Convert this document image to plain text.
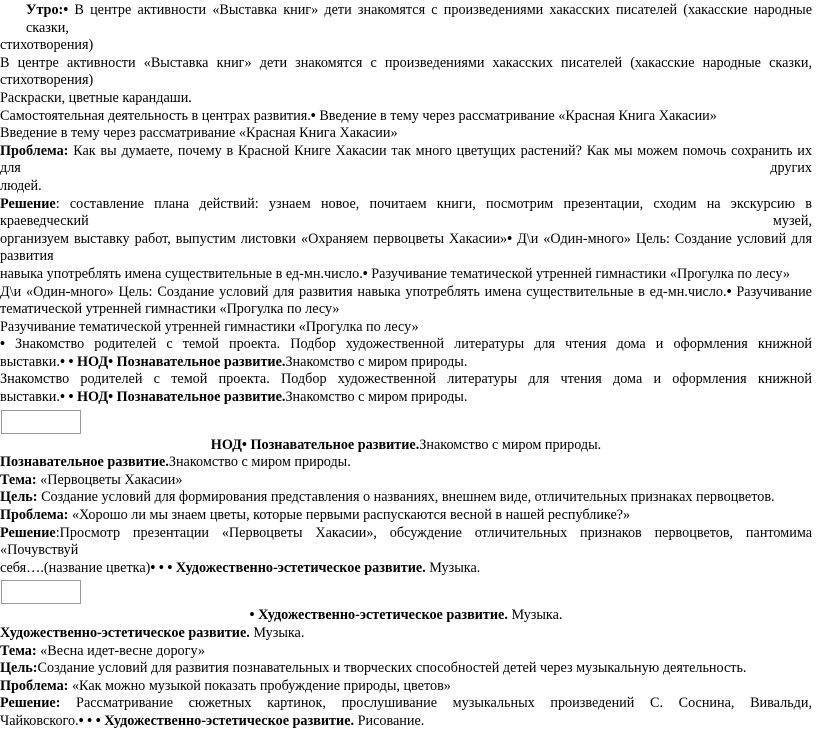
Утро:• В центре активности «Выставка книг» дети знакомятся с произведениями хакасских писателей (хакасские народные сказки,

стихотворения)

В центре активности «Выставка книг» дети знакомятся с произведениями хакасских писателей (хакасские народные сказки, стихотворения)

Раскраски, цветные карандаши.

Самостоятельная деятельность в центрах развития.• Введение в тему через рассматривание «Красная Книга Хакасии»

Введение в тему через рассматривание «Красная Книга Хакасии»

Проблема: Как вы думаете, почему в Красной Книге Хакасии так много цветущих растений? Как мы можем помочь сохранить их для других

людей.

Решение: составление плана действий: узнаем новое, почитаем книги, посмотрим презентации, сходим на экскурсию в краеведческий музей,

организуем выставку работ, выпустим листовки «Охраняем первоцветы Хакасии»• Д\и «Один-много» Цель: Создание условий для развития

навыка употреблять имена существительные в ед-мн.число.• Разучивание тематической утренней гимнастики «Прогулка по лесу»

Д\и «Один-много» Цель: Создание условий для развития навыка употреблять имена существительные в ед-мн.число.• Разучивание

тематической утренней гимнастики «Прогулка по лесу»

Разучивание тематической утренней гимнастики «Прогулка по лесу»

• Знакомство родителей с темой проекта. Подбор художественной литературы для чтения дома и оформления книжной

выставки.• • НОД• Познавательное развитие.Знакомство с миром природы.

Знакомство родителей с темой проекта. Подбор художественной литературы для чтения дома и оформления книжной

выставки.• • НОД• Познавательное развитие.Знакомство с миром природы.

НОД• Познавательное развитие.Знакомство с миром природы.

Познавательное развитие.Знакомство с миром природы.

Тема: «Первоцветы Хакасии»

Цель: Создание условий для формирования представления о названиях, внешнем виде, отличительных признаках первоцветов.

Проблема: «Хорошо ли мы знаем цветы, которые первыми распускаются весной в нашей республике?»

Решение:Просмотр презентации «Первоцветы Хакасии», обсуждение отличительных признаков первоцветов, пантомима «Почувствуй

себя….(название цветка)• • • Художественно-эстетическое развитие. Музыка.

• Художественно-эстетическое развитие. Музыка.

Художественно-эстетическое развитие. Музыка.

Тема: «Весна идет-весне дорогу»

Цель:Создание условий для развития познавательных и творческих способностей детей через музыкальную деятельность.

Проблема: «Как можно музыкой показать пробуждение природы, цветов»

Решение: Рассматривание сюжетных картинок, прослушивание музыкальных произведений С. Соснина, Вивальди,

Чайковского.• • • Художественно-эстетическое развитие. Рисование.
